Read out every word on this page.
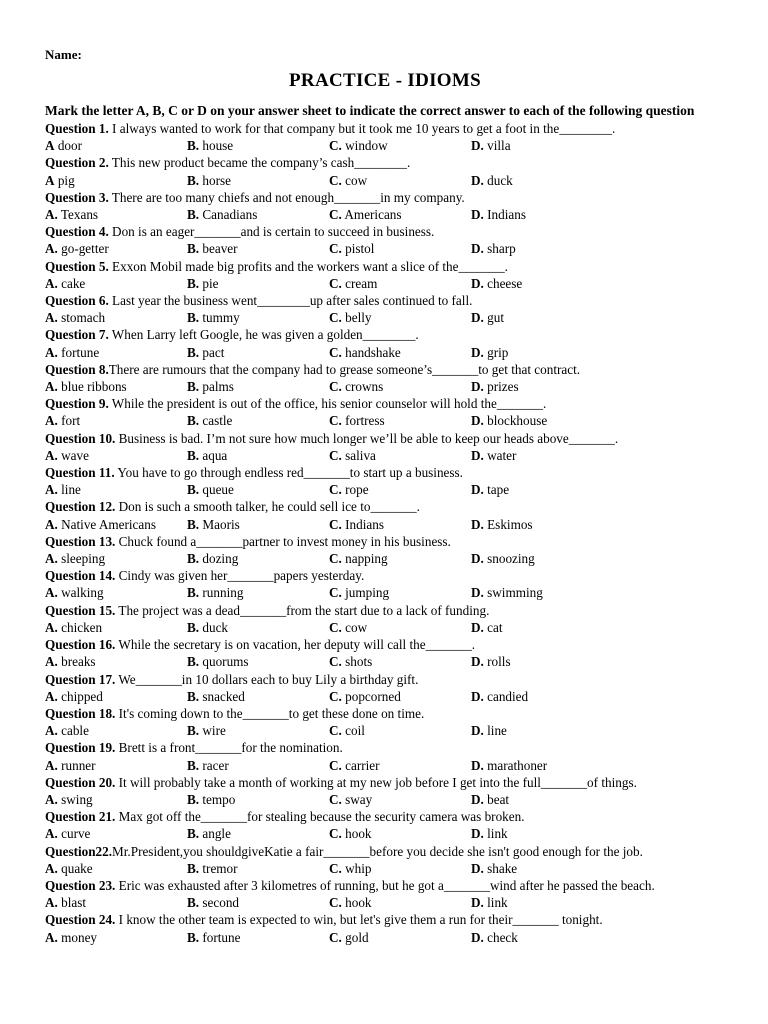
Name:
PRACTICE - IDIOMS
Mark the letter A, B, C or D on your answer sheet to indicate the correct answer to each of the following question
Question 1. I always wanted to work for that company but it took me 10 years to get a foot in the________.
A door	B. house	C. window	D. villa
Question 2. This new product became the company’s cash________.
A pig	B. horse	C. cow	D. duck
Question 3. There are too many chiefs and not enough_______in my company.
A. Texans	B. Canadians	C. Americans	D. Indians
Question 4. Don is an eager_______and is certain to succeed in business.
A. go-getter	B. beaver	C. pistol	D. sharp
Question 5. Exxon Mobil made big profits and the workers want a slice of the_______.
A. cake	B. pie	C. cream	D. cheese
Question 6. Last year the business went________up after sales continued to fall.
A. stomach	B. tummy	C. belly	D. gut
Question 7. When Larry left Google, he was given a golden________.
A. fortune	B. pact	C. handshake	D. grip
Question 8.There are rumours that the company had to grease someone’s_______to get that contract.
A. blue ribbons	B. palms	C. crowns	D. prizes
Question 9. While the president is out of the office, his senior counselor will hold the_______.
A. fort	B. castle	C. fortress	D. blockhouse
Question 10. Business is bad. I’m not sure how much longer we’ll be able to keep our heads above_______.
A. wave	B. aqua	C. saliva	D. water
Question 11. You have to go through endless red_______to start up a business.
A. line	B. queue	C. rope	D. tape
Question 12. Don is such a smooth talker, he could sell ice to_______.
A. Native Americans	B. Maoris	C. Indians	D. Eskimos
Question 13. Chuck found a_______partner to invest money in his business.
A. sleeping	B. dozing	C. napping	D. snoozing
Question 14. Cindy was given her_______papers yesterday.
A. walking	B. running	C. jumping	D. swimming
Question 15. The project was a dead_______from the start due to a lack of funding.
A. chicken	B. duck	C. cow	D. cat
Question 16. While the secretary is on vacation, her deputy will call the_______.
A. breaks	B. quorums	C. shots	D. rolls
Question 17. We_______in 10 dollars each to buy Lily a birthday gift.
A. chipped	B. snacked	C. popcorned	D. candied
Question 18. It's coming down to the_______to get these done on time.
A. cable	B. wire	C. coil	D. line
Question 19. Brett is a front_______for the nomination.
A. runner	B. racer	C. carrier	D. marathoner
Question 20. It will probably take a month of working at my new job before I get into the full_______of things.
A. swing	B. tempo	C. sway	D. beat
Question 21. Max got off the_______for stealing because the security camera was broken.
A. curve	B. angle	C. hook	D. link
Question22.Mr.President,you shouldgiveKatie a fair_______before you decide she isn't good enough for the job.
A. quake	B. tremor	C. whip	D. shake
Question 23. Eric was exhausted after 3 kilometres of running, but he got a_______wind after he passed the beach.
A. blast	B. second	C. hook	D. link
Question 24. I know the other team is expected to win, but let's give them a run for their_______ tonight.
A. money	B. fortune	C. gold	D. check
